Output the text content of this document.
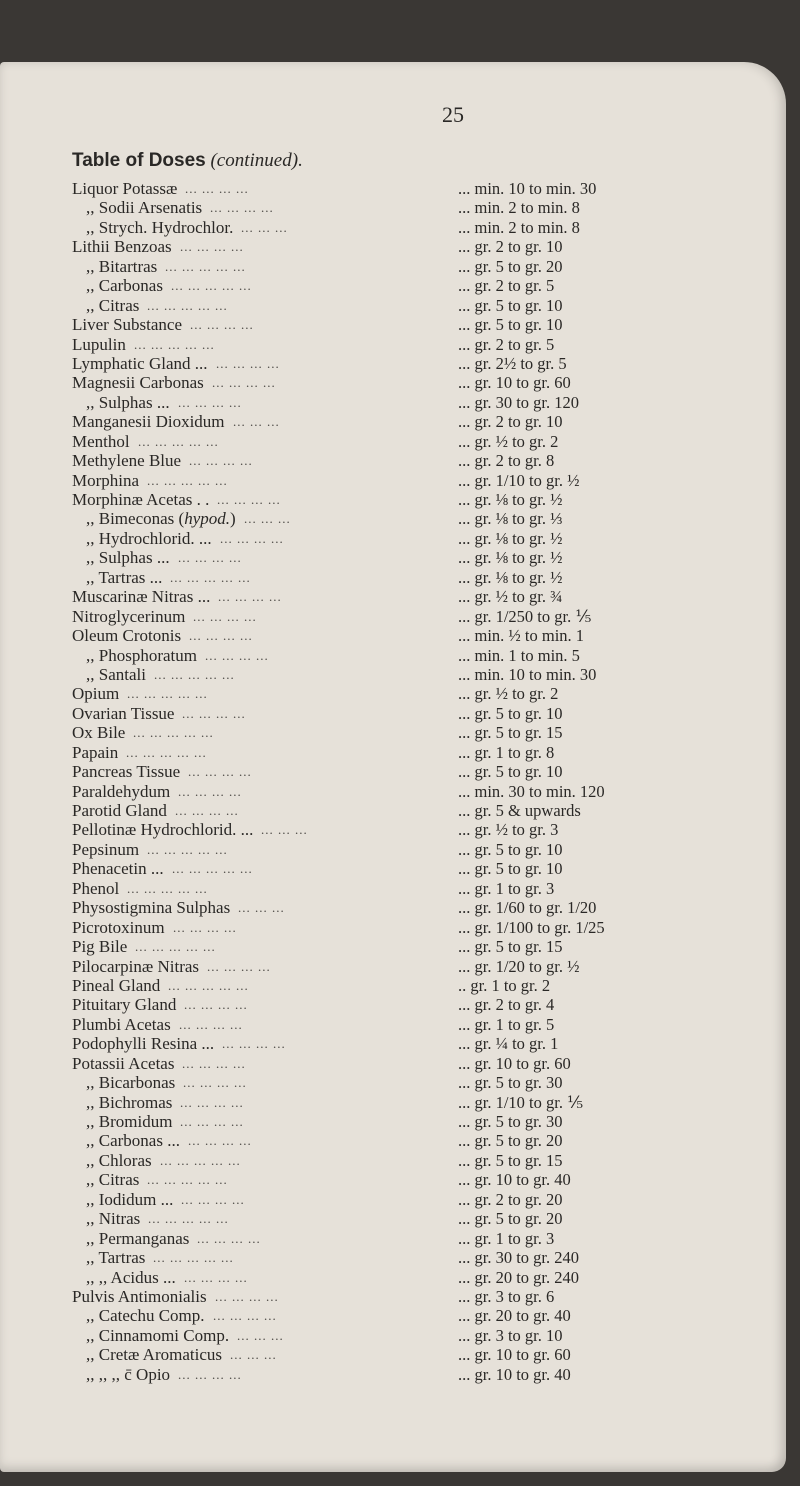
25
Table of Doses (continued).
Liquor Potassæ ... ... ... ...	... min. 10 to min. 30
,, Sodii Arsenatis ... ... ... ...	... min. 2 to min. 8
,, Strych. Hydrochlor. ... ... ...	... min. 2 to min. 8
Lithii Benzoas ... ... ... ...	... gr. 2 to gr. 10
,, Bitartras ... ... ... ... ...	... gr. 5 to gr. 20
,, Carbonas ... ... ... ... ...	... gr. 2 to gr. 5
,, Citras ... ... ... ... ...	... gr. 5 to gr. 10
Liver Substance ... ... ... ...	... gr. 5 to gr. 10
Lupulin ... ... ... ... ...	... gr. 2 to gr. 5
Lymphatic Gland ... ... ... ... ...	... gr. 2½ to gr. 5
Magnesii Carbonas ... ... ... ...	... gr. 10 to gr. 60
,, Sulphas ... ... ... ... ...	... gr. 30 to gr. 120
Manganesii Dioxidum ... ... ...	... gr. 2 to gr. 10
Menthol ... ... ... ... ...	... gr. ½ to gr. 2
Methylene Blue ... ... ... ...	... gr. 2 to gr. 8
Morphina ... ... ... ... ...	... gr. 1/10 to gr. ½
Morphinæ Acetas . . ... ... ... ...	... gr. ⅛ to gr. ½
,, Bimeconas (hypod.) ... ... ...	... gr. ⅛ to gr. ⅓
,, Hydrochlorid. ... ... ... ... ...	... gr. ⅛ to gr. ½
,, Sulphas ... ... ... ... ...	... gr. ⅛ to gr. ½
,, Tartras ... ... ... ... ... ...	... gr. ⅛ to gr. ½
Muscarinæ Nitras ... ... ... ... ...	... gr. ½ to gr. ¾
Nitroglycerinum ... ... ... ...	... gr. 1/250 to gr. ⅕
Oleum Crotonis ... ... ... ...	... min. ½ to min. 1
,, Phosphoratum ... ... ... ...	... min. 1 to min. 5
,, Santali ... ... ... ... ...	... min. 10 to min. 30
Opium ... ... ... ... ...	... gr. ½ to gr. 2
Ovarian Tissue ... ... ... ...	... gr. 5 to gr. 10
Ox Bile ... ... ... ... ...	... gr. 5 to gr. 15
Papain ... ... ... ... ...	... gr. 1 to gr. 8
Pancreas Tissue ... ... ... ...	... gr. 5 to gr. 10
Paraldehydum ... ... ... ...	... min. 30 to min. 120
Parotid Gland ... ... ... ...	... gr. 5 & upwards
Pellotinæ Hydrochlorid. ... ... ... ...	... gr. ½ to gr. 3
Pepsinum ... ... ... ... ...	... gr. 5 to gr. 10
Phenacetin ... ... ... ... ... ...	... gr. 5 to gr. 10
Phenol ... ... ... ... ...	... gr. 1 to gr. 3
Physostigmina Sulphas ... ... ...	... gr. 1/60 to gr. 1/20
Picrotoxinum ... ... ... ...	... gr. 1/100 to gr. 1/25
Pig Bile ... ... ... ... ...	... gr. 5 to gr. 15
Pilocarpinæ Nitras ... ... ... ...	... gr. 1/20 to gr. ½
Pineal Gland ... ... ... ... ...	.. gr. 1 to gr. 2
Pituitary Gland ... ... ... ...	... gr. 2 to gr. 4
Plumbi Acetas ... ... ... ...	... gr. 1 to gr. 5
Podophylli Resina ... ... ... ... ...	... gr. ¼ to gr. 1
Potassii Acetas ... ... ... ...	... gr. 10 to gr. 60
,, Bicarbonas ... ... ... ...	... gr. 5 to gr. 30
,, Bichromas ... ... ... ...	... gr. 1/10 to gr. ⅕
,, Bromidum ... ... ... ...	... gr. 5 to gr. 30
,, Carbonas ... ... ... ... ...	... gr. 5 to gr. 20
,, Chloras ... ... ... ... ...	... gr. 5 to gr. 15
,, Citras ... ... ... ... ...	... gr. 10 to gr. 40
,, Iodidum ... ... ... ... ...	... gr. 2 to gr. 20
,, Nitras ... ... ... ... ...	... gr. 5 to gr. 20
,, Permanganas ... ... ... ...	... gr. 1 to gr. 3
,, Tartras ... ... ... ... ...	... gr. 30 to gr. 240
,, ,, Acidus ... ... ... ... ...	... gr. 20 to gr. 240
Pulvis Antimonialis ... ... ... ...	... gr. 3 to gr. 6
,, Catechu Comp. ... ... ... ...	... gr. 20 to gr. 40
,, Cinnamomi Comp. ... ... ...	... gr. 3 to gr. 10
,, Cretæ Aromaticus ... ... ...	... gr. 10 to gr. 60
,, ,, ,, c̄ Opio ... ... ... ...	... gr. 10 to gr. 40
